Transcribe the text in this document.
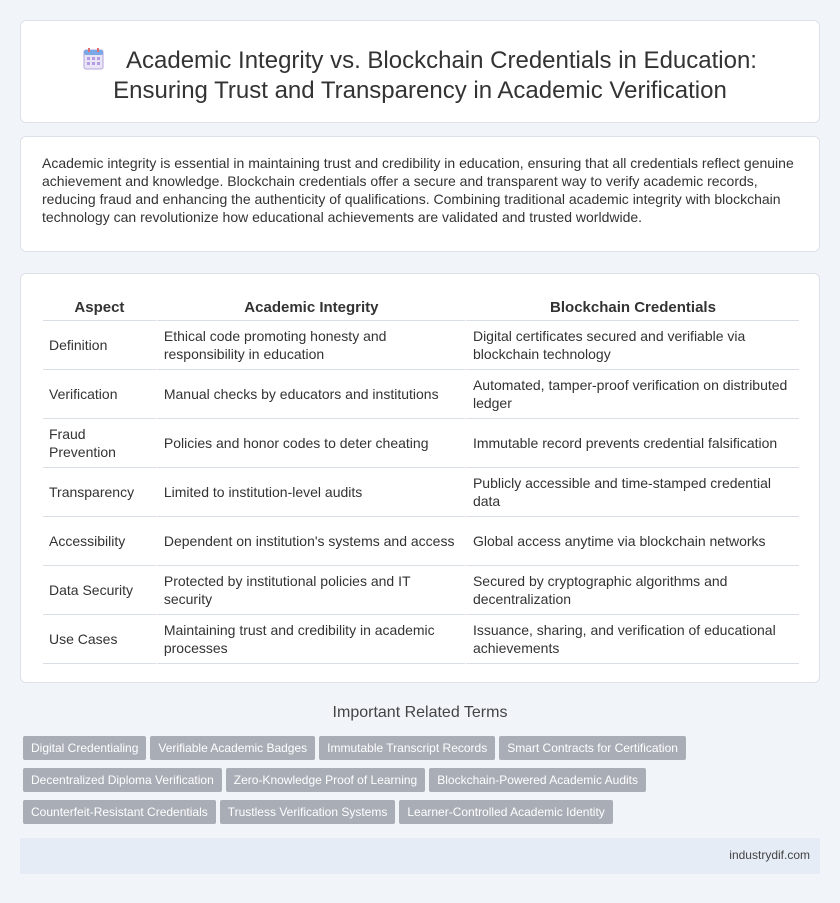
Academic Integrity vs. Blockchain Credentials in Education:
Ensuring Trust and Transparency in Academic Verification

Academic integrity is essential in maintaining trust and credibility in education, ensuring that all credentials reflect genuine achievement and knowledge. Blockchain credentials offer a secure and transparent way to verify academic records, reducing fraud and enhancing the authenticity of qualifications. Combining traditional academic integrity with blockchain technology can revolutionize how educational achievements are validated and trusted worldwide.

Aspect	Academic Integrity	Blockchain Credentials
Definition	Ethical code promoting honesty and responsibility in education	Digital certificates secured and verifiable via blockchain technology
Verification	Manual checks by educators and institutions	Automated, tamper-proof verification on distributed ledger
Fraud Prevention	Policies and honor codes to deter cheating	Immutable record prevents credential falsification
Transparency	Limited to institution-level audits	Publicly accessible and time-stamped credential data
Accessibility	Dependent on institution's systems and access	Global access anytime via blockchain networks
Data Security	Protected by institutional policies and IT security	Secured by cryptographic algorithms and decentralization
Use Cases	Maintaining trust and credibility in academic processes	Issuance, sharing, and verification of educational achievements
Important Related Terms
Digital Credentialing Verifiable Academic Badges Immutable Transcript Records Smart Contracts for Certification
Decentralized Diploma Verification Zero-Knowledge Proof of Learning Blockchain-Powered Academic Audits
Counterfeit-Resistant Credentials Trustless Verification Systems Learner-Controlled Academic Identity
industrydif.com
